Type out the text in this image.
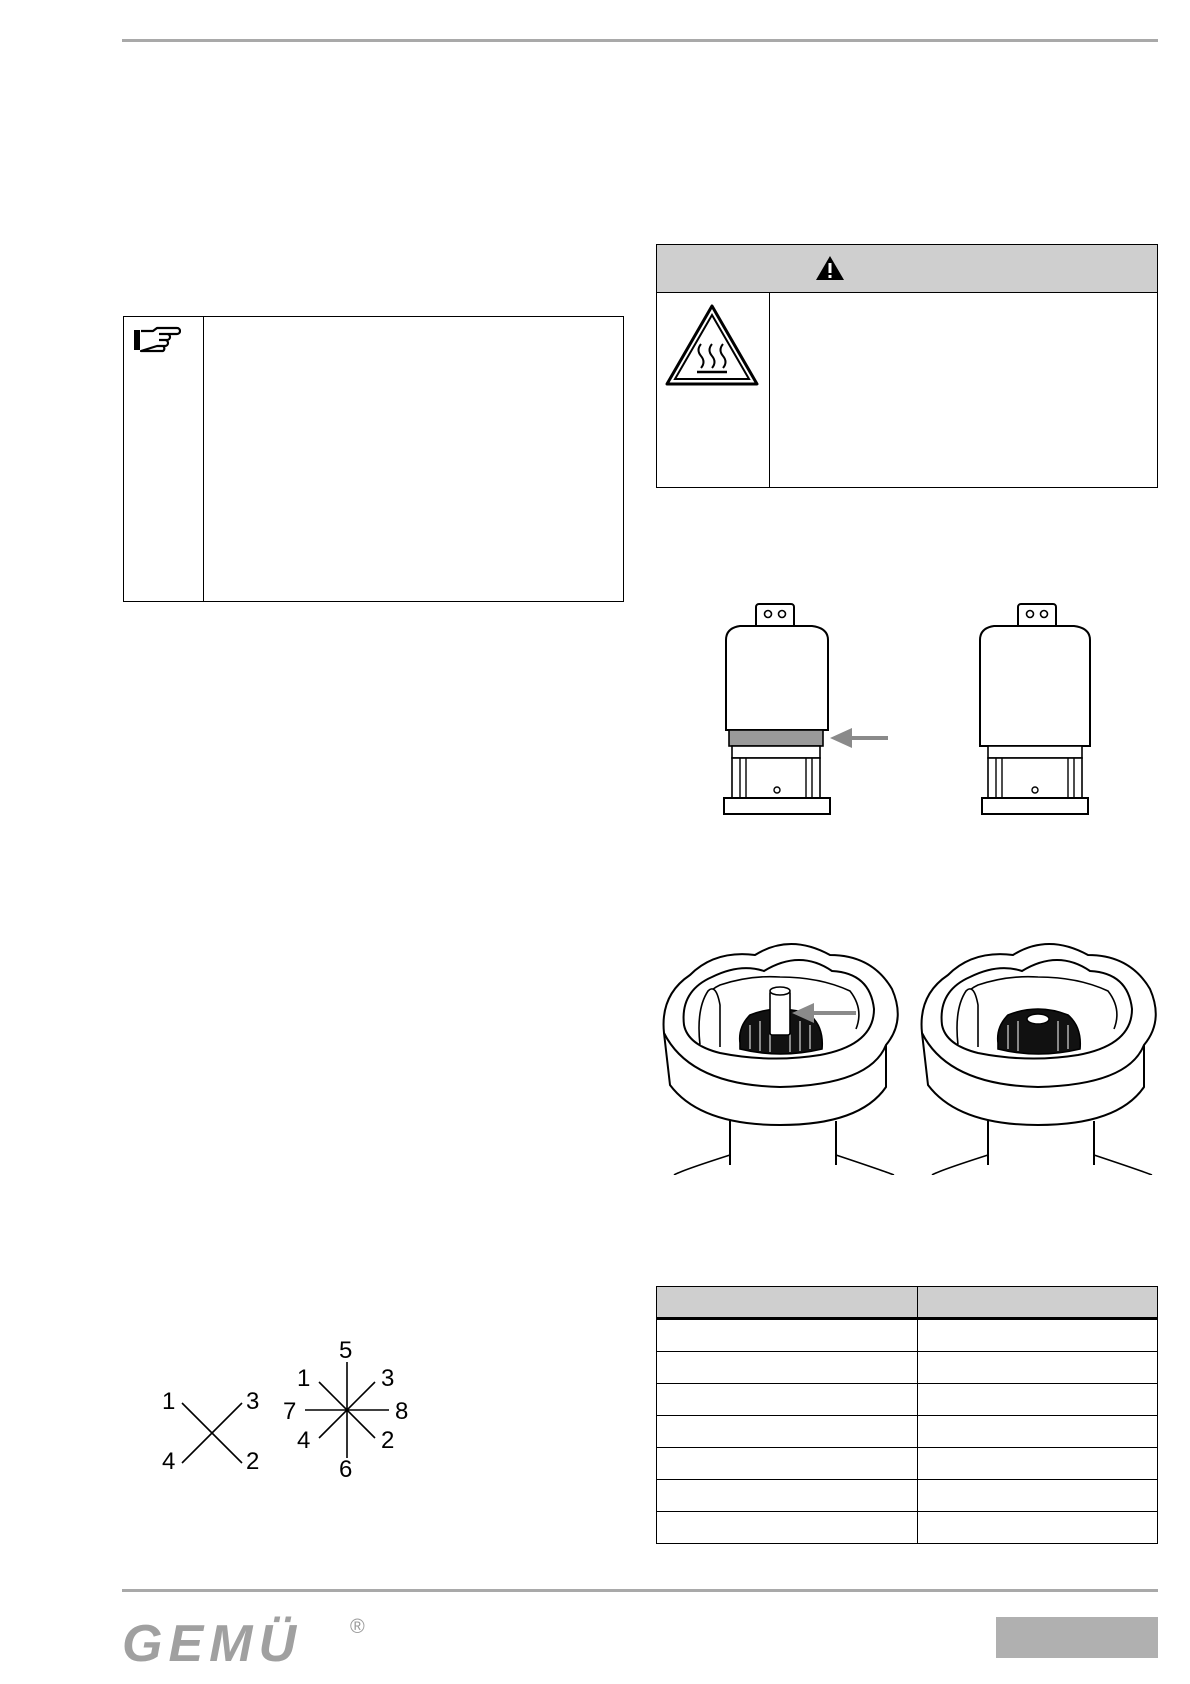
1	3
4	2
5
1	3
7	8
4	2
6

GEMÜ ®
